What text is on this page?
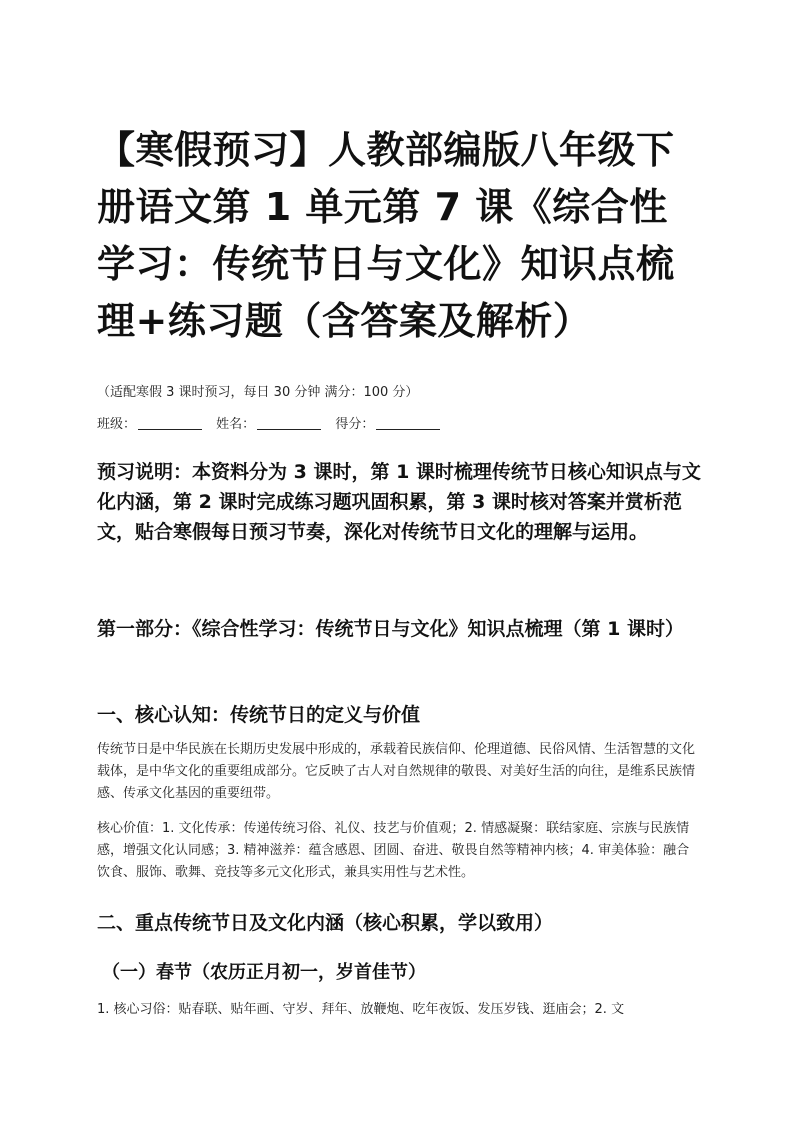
【寒假预习】人教部编版八年级下册语文第 1 单元第 7 课《综合性学习：传统节日与文化》知识点梳理+练习题（含答案及解析）
（适配寒假 3 课时预习，每日 30 分钟 满分：100 分）
班级：	姓名：	得分：
预习说明：本资料分为 3 课时，第 1 课时梳理传统节日核心知识点与文化内涵，第 2 课时完成练习题巩固积累，第 3 课时核对答案并赏析范文，贴合寒假每日预习节奏，深化对传统节日文化的理解与运用。
第一部分：《综合性学习：传统节日与文化》知识点梳理（第 1 课时）
一、核心认知：传统节日的定义与价值
传统节日是中华民族在长期历史发展中形成的，承载着民族信仰、伦理道德、民俗风情、生活智慧的文化载体，是中华文化的重要组成部分。它反映了古人对自然规律的敬畏、对美好生活的向往，是维系民族情感、传承文化基因的重要纽带。
核心价值：1. 文化传承：传递传统习俗、礼仪、技艺与价值观；2. 情感凝聚：联结家庭、宗族与民族情感，增强文化认同感；3. 精神滋养：蕴含感恩、团圆、奋进、敬畏自然等精神内核；4. 审美体验：融合饮食、服饰、歌舞、竞技等多元文化形式，兼具实用性与艺术性。
二、重点传统节日及文化内涵（核心积累，学以致用）
（一）春节（农历正月初一，岁首佳节）
1. 核心习俗：贴春联、贴年画、守岁、拜年、放鞭炮、吃年夜饭、发压岁钱、逛庙会；2. 文
